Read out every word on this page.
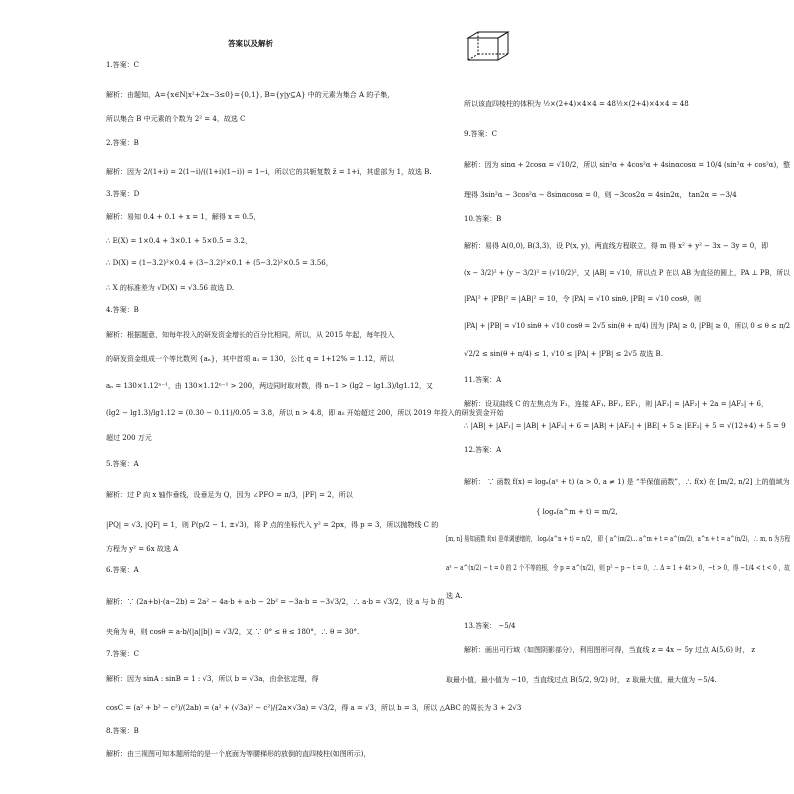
答案以及解析
1.答案：C
解析：由题知，A={x∈N|x²+2x−3≤0}={0,1}, B={y|y⊆A} 中的元素为集合 A 的子集，
所以集合 B 中元素的个数为 2² = 4，故选 C
2.答案：B
解析：因为 2/(1+i) = 2(1−i)/((1+i)(1−i)) = 1−i，所以它的共轭复数 z̄ = 1+i，其虚部为 1，故选 B.
3.答案：D
解析：易知 0.4 + 0.1 + x = 1，解得 x = 0.5，
∴ E(X) = 1×0.4 + 3×0.1 + 5×0.5 = 3.2，
∴ D(X) = (1−3.2)²×0.4 + (3−3.2)²×0.1 + (5−3.2)²×0.5 = 3.56，
∴ X 的标准差为 √D(X) = √3.56 故选 D.
4.答案：B
解析：根据题意，知每年投入的研发资金增长的百分比相同，所以，从 2015 年起，每年投入
的研发资金组成一个等比数列 {aₙ}，其中首项 a₁ = 130，公比 q = 1+12% = 1.12，所以
aₙ = 130×1.12ⁿ⁻¹，由 130×1.12ⁿ⁻¹ > 200，两边同时取对数，得 n−1 > (lg2 − lg1.3)/lg1.12，又
(lg2 − lg1.3)/lg1.12 = (0.30 − 0.11)/0.05 = 3.8，所以 n > 4.8，即 a₅ 开始超过 200，所以 2019 年投入的研发资金开始
超过 200 万元
5.答案：A
解析：过 P 向 x 轴作垂线，设垂足为 Q，因为 ∠PFO = π/3，|PF| = 2，所以
|PQ| = √3, |QF| = 1，则 P(p/2 − 1, ±√3)，将 P 点的坐标代入 y² = 2px，得 p = 3，所以抛物线 C 的
方程为 y² = 6x 故选 A
6.答案：A
解析：∵ (2a+b)·(a−2b) = 2a² − 4a·b + a·b − 2b² = −3a·b = −3√3/2，∴ a·b = √3/2，设 a 与 b 的
夹角为 θ，则 cosθ = a·b/(|a||b|) = √3/2，又 ∵ 0° ≤ θ ≤ 180°，∴ θ = 30°.
7.答案：C
解析：因为 sinA : sinB = 1 : √3，所以 b = √3a，由余弦定理，得
cosC = (a² + b² − c²)/(2ab) = (a² + (√3a)² − c²)/(2a×√3a) = √3/2，得 a = √3，所以 b = 3，所以 △ABC 的周长为 3 + 2√3
8.答案：B
解析：由三视图可知本题所给的是一个底面为等腰梯形的放倒的直四棱柱(如图所示)，
所以该直四棱柱的体积为 ½×(2+4)×4×4 = 48½×(2+4)×4×4 = 48
9.答案：C
解析：因为 sinα + 2cosα = √10/2，所以 sin²α + 4cos²α + 4sinαcosα = 10/4 (sin²α + cos²α)，整
理得 3sin²α − 3cos²α − 8sinαcosα = 0，则 −3cos2α = 4sin2α， tan2α = −3/4
10.答案：B
解析：易得 A(0,0), B(3,3)，设 P(x, y)，两直线方程联立，得 m 得 x² + y² − 3x − 3y = 0，即
(x − 3/2)² + (y − 3/2)² = (√10/2)²，又 |AB| = √10，所以点 P 在以 AB 为直径的圆上，PA ⊥ PB，所以
|PA|² + |PB|² = |AB|² = 10，令 |PA| = √10 sinθ, |PB| = √10 cosθ，则
|PA| + |PB| = √10 sinθ + √10 cosθ = 2√5 sin(θ + π/4) 因为 |PA| ≥ 0, |PB| ≥ 0，所以 0 ≤ θ ≤ π/2
√2/2 ≤ sin(θ + π/4) ≤ 1, √10 ≤ |PA| + |PB| ≤ 2√5 故选 B.
11.答案：A
解析：设双曲线 C 的左焦点为 F₁，连接 AF₁, BF₁, EF₁，则 |AF₁| = |AF₂| + 2a = |AF₂| + 6，
∴ |AB| + |AF₁| = |AB| + |AF₂| + 6 = |AB| + |AF₂| + |BE| + 5 ≥ |EF₂| + 5 = √(12+4) + 5 = 9
12.答案：A
解析： ∵ 函数 f(x) = logₐ(aˣ + t) (a > 0, a ≠ 1) 是 “半保值函数”，∴ f(x) 在 [m/2, n/2] 上的值域为
{ logₐ(a^m + t) = m/2,
[m, n] 易知函数 f(x) 是单调递增的， logₐ(a^n + t) = n/2， 即 { a^(m/2)... a^m + t = a^(m/2)，a^n + t = a^(n/2)，∴ m, n 为方程
aˣ − a^(x/2) − t = 0 的 2 个不等的根，令 p = a^(x/2)，则 p² − p − t = 0，∴ Δ = 1 + 4t > 0，−t > 0，得 −1/4 < t < 0 ，故
选 A.
13.答案： −5/4
解析：画出可行域（如图阴影部分），利用图形可得，当直线 z = 4x − 5y 过点 A(5,6) 时， z
取最小值，最小值为 −10，当直线过点 B(5/2, 9/2) 时， z 取最大值，最大值为 −5/4.
